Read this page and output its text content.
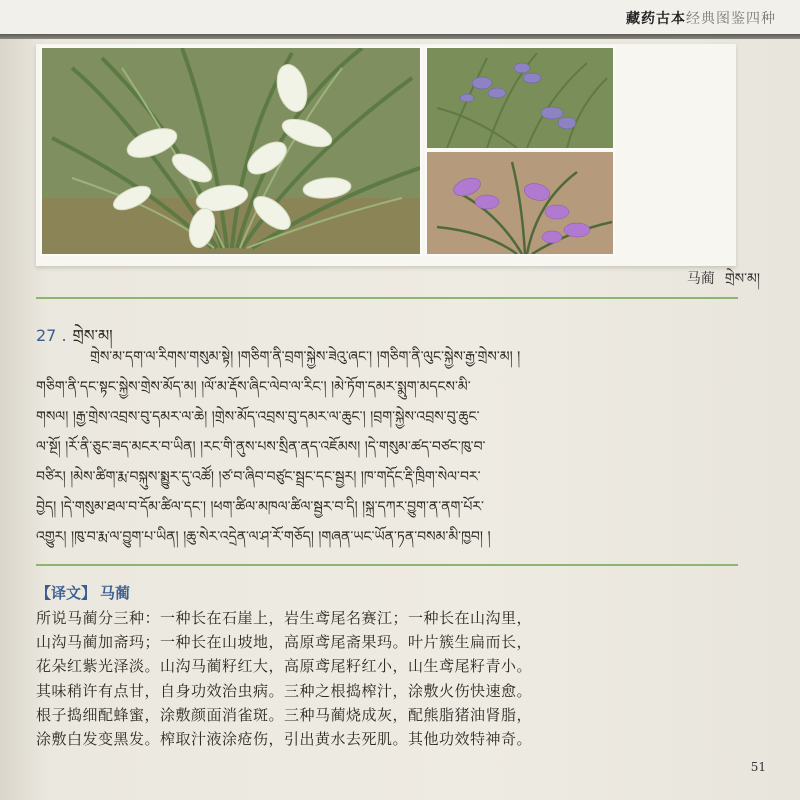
藏药古本经典图鉴四种
马蔺 གྲེས་མ།
27 . གྲེས་མ།
གྲེས་མ་དག་ལ་རིགས་གསུམ་སྟེ། །གཅིག་ནི་བྲག་སྐྱེས་ཟེའུ་ཞང་། །གཅིག་ནི་ལུང་སྐྱེས་རྒྱ་གྲེས་མ། །
གཅིག་ནི་དང་སྟང་སྐྱེས་གྲེས་མོད་མ། །ལོ་མ་རྡོས་ཞིང་ལེབ་ལ་རིང་། །མེ་ཏོག་དམར་སྨུག་མདངས་མི་
གསལ། །རྒྱ་གྲེས་འབྲས་བུ་དམར་ལ་ཆེ། །གྲེས་མོད་འབྲས་བུ་དམར་ལ་ཆུང་། །བྲག་སྐྱེས་འབྲས་བུ་ཆུང་
ལ་སྔོ། །རོ་ནི་ཅུང་ཟད་མངར་བ་ཡིན། །རང་གི་ནུས་པས་སྲིན་ནད་འཇོམས། །དེ་གསུམ་ཚད་བཙང་ཁུ་བ་
བཙིར། །མེས་ཚིག་རྨ་བསྐུས་སྨྱུར་དུ་འཚོ། །ཙ་བ་ཞིབ་བཙུང་སྦྲང་དང་སྦྱར། །ཁ་གདོང་རྡི་ཁྲིག་སེལ་བར་
བྱེད། །དེ་གསུམ་ཐལ་བ་དོམ་ཚིལ་དང་། །ཕག་ཚིལ་མཁལ་ཚིལ་སྦྱར་བ་དི། །སྐྲ་དཀར་བྱུག་ན་ནག་པོར་
འགྱུར། །ཁུ་བ་རྨ་ལ་བྱུག་པ་ཡིན། །ཆུ་སེར་འདྲེན་ལ་ཤ་རོ་གཅོད། །གཞན་ཡང་ཡོན་ཏན་བསམ་མི་ཁྱབ། །
【译文】 马蔺
所说马蔺分三种：一种长在石崖上，岩生鸢尾名赛江；一种长在山沟里，
山沟马蔺加斋玛；一种长在山坡地，高原鸢尾斋果玛。叶片簇生扁而长，
花朵红紫光泽淡。山沟马蔺籽红大，高原鸢尾籽红小，山生鸢尾籽青小。
其味稍许有点甘，自身功效治虫病。三种之根捣榨汁，涂敷火伤快速愈。
根子捣细配蜂蜜，涂敷颜面消雀斑。三种马蔺烧成灰，配熊脂猪油肾脂，
涂敷白发变黑发。榨取汁液涂疮伤，引出黄水去死肌。其他功效特神奇。
51
